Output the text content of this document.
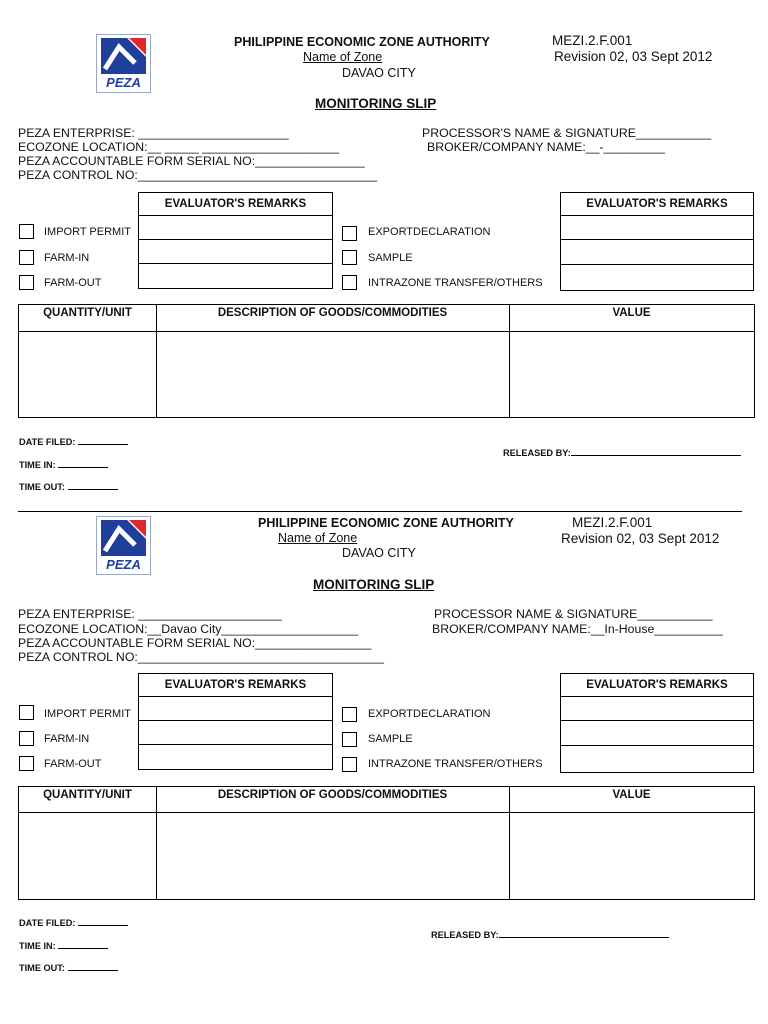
PEZA
PHILIPPINE ECONOMIC ZONE AUTHORITY
Name of Zone
DAVAO CITY
MEZI.2.F.001
Revision 02, 03 Sept 2012
MONITORING SLIP
PEZA ENTERPRISE: ______________________
ECOZONE LOCATION:__ _____ ____________________
PEZA ACCOUNTABLE FORM SERIAL NO:________________
PEZA CONTROL NO:___________________________________
PROCESSOR'S NAME & SIGNATURE___________
BROKER/COMPANY NAME:__-_________
EVALUATOR'S REMARKS
IMPORT PERMIT
FARM-IN
FARM-OUT
EXPORTDECLARATION
SAMPLE
INTRAZONE TRANSFER/OTHERS
EVALUATOR'S REMARKS
QUANTITY/UNIT	DESCRIPTION OF GOODS/COMMODITIES	VALUE
DATE FILED:
TIME IN:
TIME OUT:
RELEASED BY:
PEZA
PHILIPPINE ECONOMIC ZONE AUTHORITY
Name of Zone
DAVAO CITY
MEZI.2.F.001
Revision 02, 03 Sept 2012
MONITORING SLIP
PEZA ENTERPRISE: _____________________
ECOZONE LOCATION:__Davao City____________________
PEZA ACCOUNTABLE FORM SERIAL NO:_________________
PEZA CONTROL NO:____________________________________
PROCESSOR NAME & SIGNATURE___________
BROKER/COMPANY NAME:__In-House__________
EVALUATOR'S REMARKS
IMPORT PERMIT
FARM-IN
FARM-OUT
EXPORTDECLARATION
SAMPLE
INTRAZONE TRANSFER/OTHERS
EVALUATOR'S REMARKS
QUANTITY/UNIT	DESCRIPTION OF GOODS/COMMODITIES	VALUE
DATE FILED:
TIME IN:
TIME OUT:
RELEASED BY:
